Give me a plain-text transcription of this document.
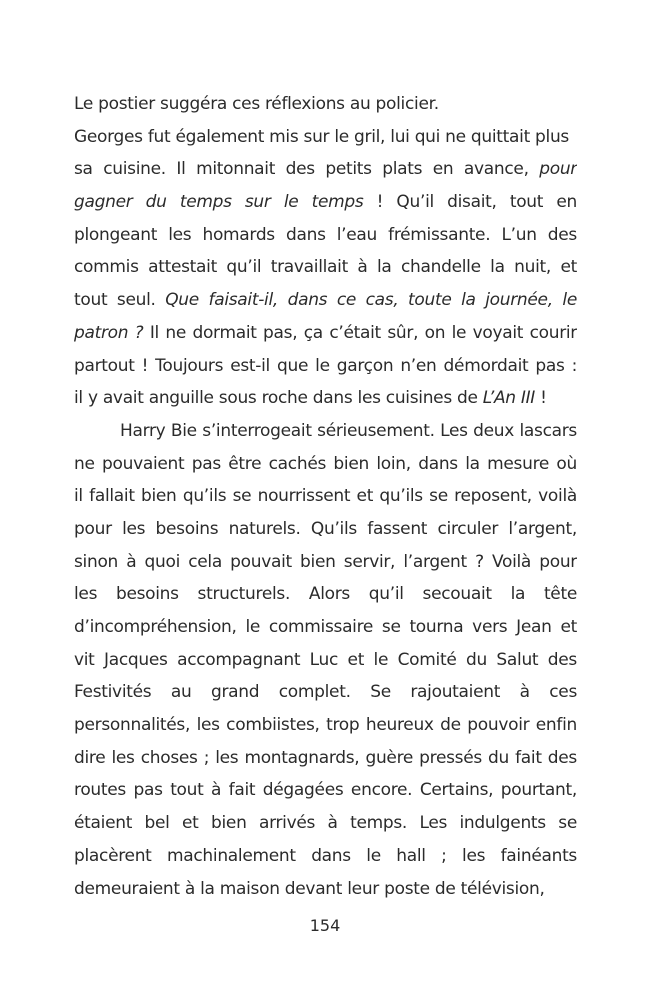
Le postier suggéra ces réflexions au policier.
Georges fut également mis sur le gril, lui qui ne quittait plus
sa cuisine. Il mitonnait des petits plats en avance, pour
gagner du temps sur le temps ! Qu’il disait, tout en
plongeant les homards dans l’eau frémissante. L’un des
commis attestait qu’il travaillait à la chandelle la nuit, et
tout seul. Que faisait-il, dans ce cas, toute la journée, le
patron ? Il ne dormait pas, ça c’était sûr, on le voyait courir
partout ! Toujours est-il que le garçon n’en démordait pas :
il y avait anguille sous roche dans les cuisines de L’An III !
Harry Bie s’interrogeait sérieusement. Les deux lascars
ne pouvaient pas être cachés bien loin, dans la mesure où
il fallait bien qu’ils se nourrissent et qu’ils se reposent, voilà
pour les besoins naturels. Qu’ils fassent circuler l’argent,
sinon à quoi cela pouvait bien servir, l’argent ? Voilà pour
les besoins structurels. Alors qu’il secouait la tête
d’incompréhension, le commissaire se tourna vers Jean et
vit Jacques accompagnant Luc et le Comité du Salut des
Festivités au grand complet. Se rajoutaient à ces
personnalités, les combiistes, trop heureux de pouvoir enfin
dire les choses ; les montagnards, guère pressés du fait des
routes pas tout à fait dégagées encore. Certains, pourtant,
étaient bel et bien arrivés à temps. Les indulgents se
placèrent machinalement dans le hall ; les fainéants
demeuraient à la maison devant leur poste de télévision,
154
